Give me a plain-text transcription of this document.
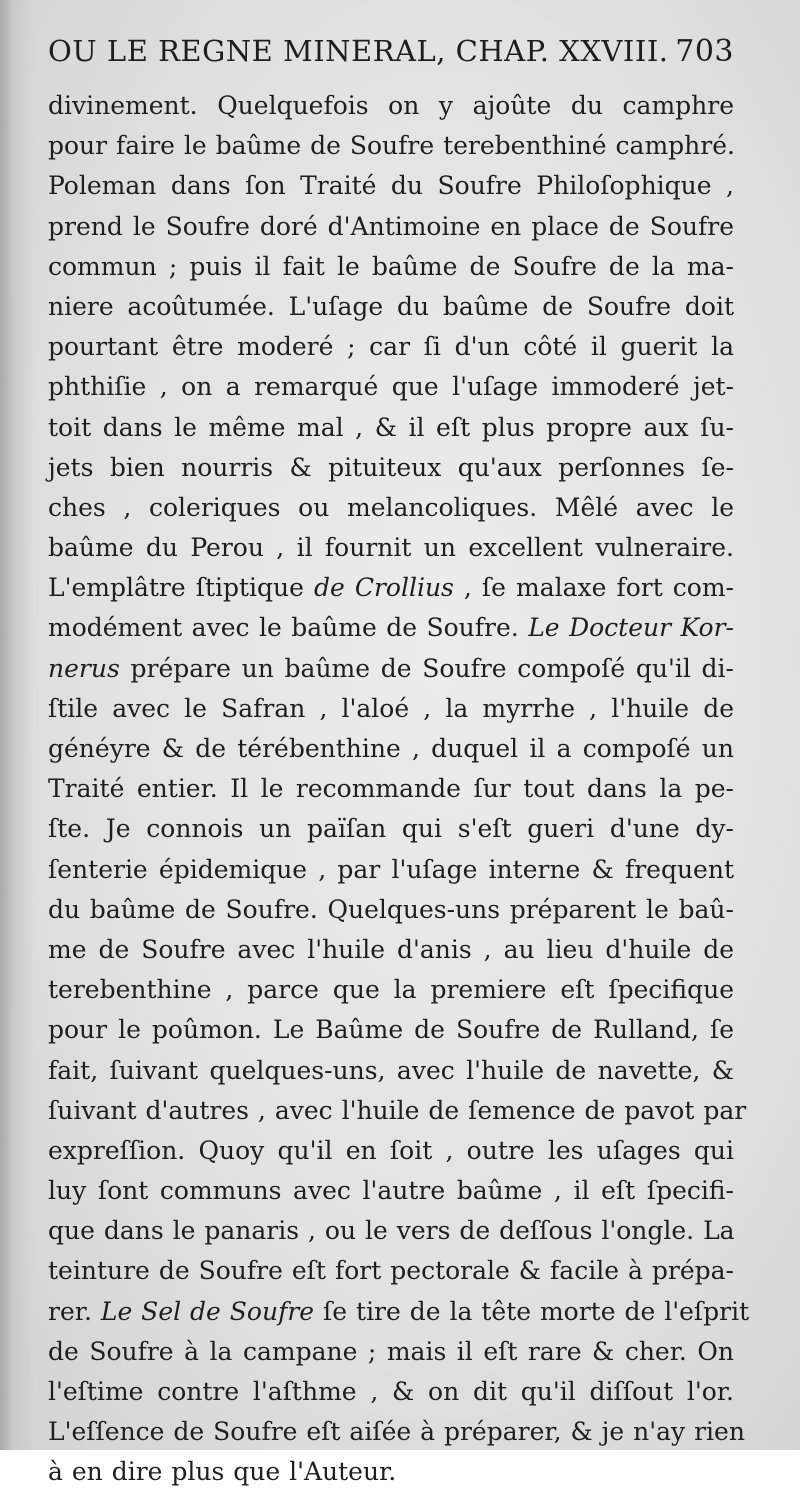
OU LE REGNE MINERAL, CHAP. XXVIII. 703
divinement. Quelquefois on y ajoûte du camphre
pour faire le baûme de Soufre terebenthiné camphré.
Poleman dans ſon Traité du Soufre Philoſophique ,
prend le Soufre doré d'Antimoine en place de Soufre
commun ; puis il fait le baûme de Soufre de la ma-
niere acoûtumée. L'uſage du baûme de Soufre doit
pourtant être moderé ; car ſi d'un côté il guerit la
phthiſie , on a remarqué que l'uſage immoderé jet-
toit dans le même mal , & il eſt plus propre aux ſu-
jets bien nourris & pituiteux qu'aux perſonnes ſe-
ches , coleriques ou melancoliques. Mêlé avec le
baûme du Perou , il fournit un excellent vulneraire.
L'emplâtre ſtiptique de Crollius , ſe malaxe fort com-
modément avec le baûme de Soufre. Le Docteur Kor-
nerus prépare un baûme de Soufre compoſé qu'il di-
ſtile avec le Safran , l'aloé , la myrrhe , l'huile de
généyre & de térébenthine , duquel il a compoſé un
Traité entier. Il le recommande ſur tout dans la pe-
ſte. Je connois un païſan qui s'eſt gueri d'une dy-
ſenterie épidemique , par l'uſage interne & frequent
du baûme de Soufre. Quelques-uns préparent le baû-
me de Soufre avec l'huile d'anis , au lieu d'huile de
terebenthine , parce que la premiere eſt ſpecifique
pour le poûmon. Le Baûme de Soufre de Rulland, ſe
fait, ſuivant quelques-uns, avec l'huile de navette, &
ſuivant d'autres , avec l'huile de ſemence de pavot par
expreſſion. Quoy qu'il en ſoit , outre les uſages qui
luy ſont communs avec l'autre baûme , il eſt ſpecifi-
que dans le panaris , ou le vers de deſſous l'ongle. La
teinture de Soufre eſt fort pectorale & facile à prépa-
rer. Le Sel de Soufre ſe tire de la tête morte de l'eſprit
de Soufre à la campane ; mais il eſt rare & cher. On
l'eſtime contre l'aſthme , & on dit qu'il diſſout l'or.
L'eſſence de Soufre eſt aiſée à préparer, & je n'ay rien
à en dire plus que l'Auteur.
